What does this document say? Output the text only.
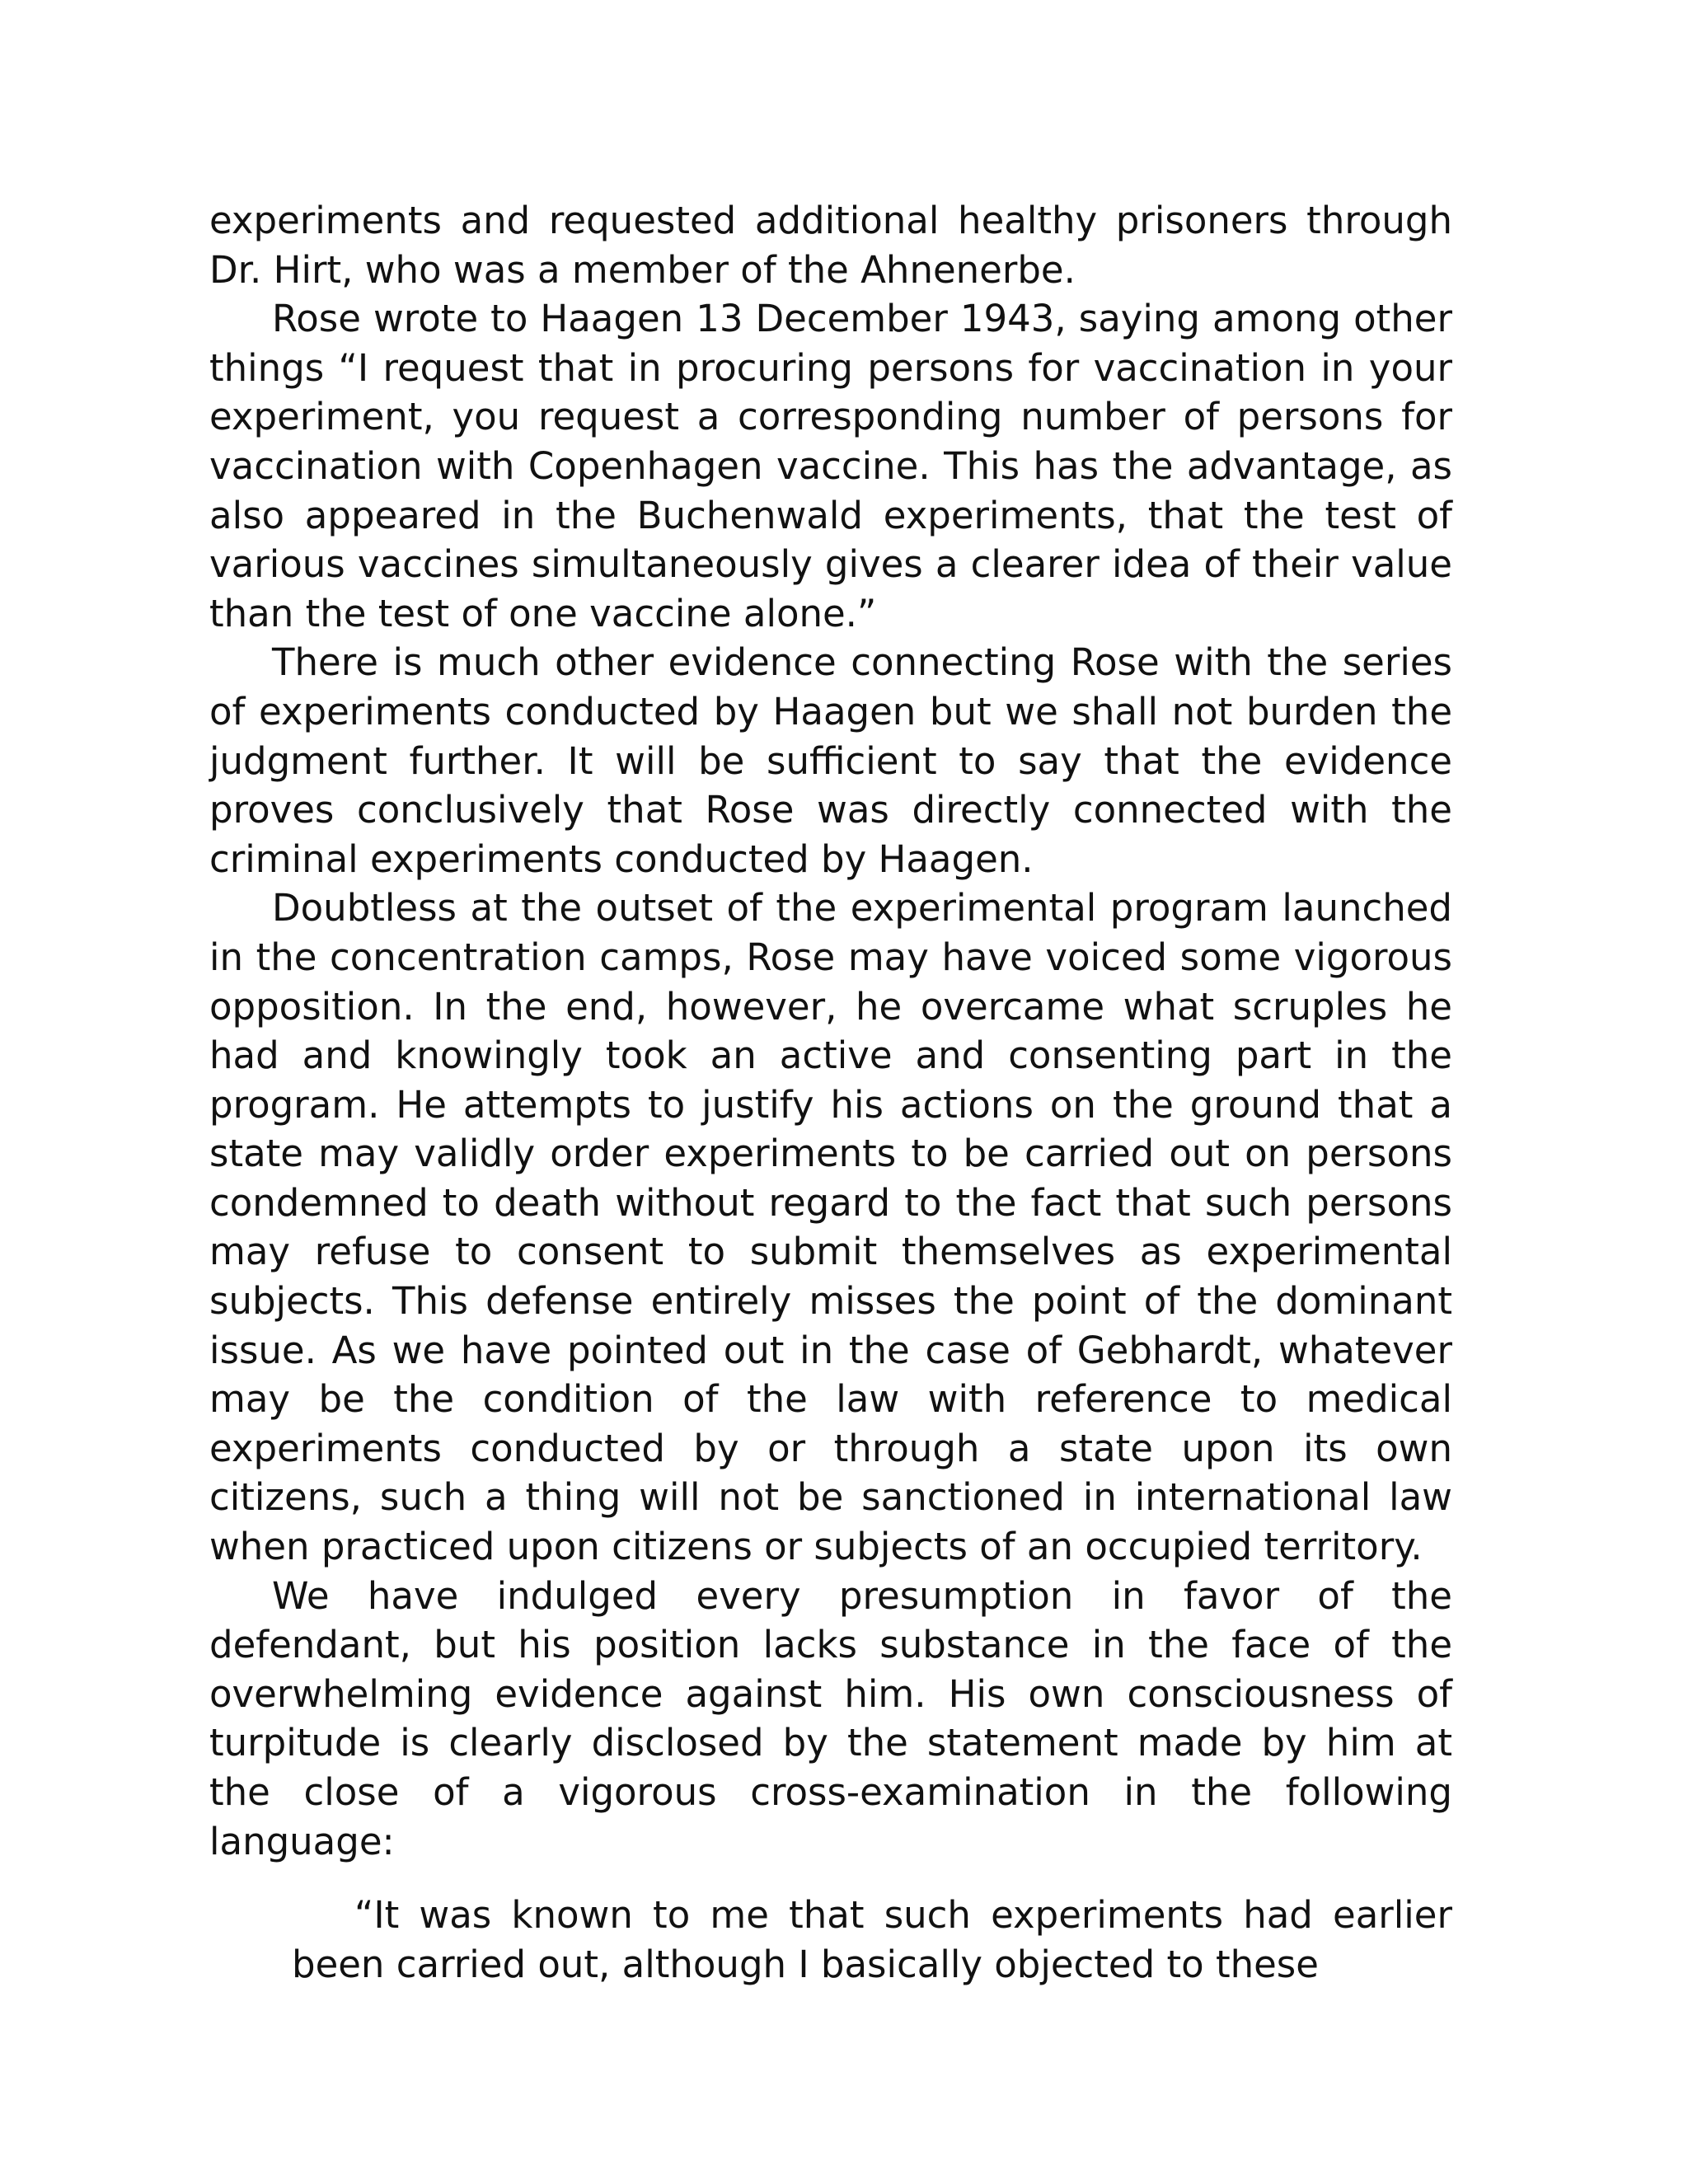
experiments and requested additional healthy prisoners through Dr. Hirt, who was a member of the Ahnenerbe.

Rose wrote to Haagen 13 December 1943, saying among other things “I request that in procuring persons for vaccination in your experiment, you request a corresponding number of persons for vaccination with Copenhagen vaccine. This has the advantage, as also appeared in the Buchenwald experiments, that the test of various vaccines simultaneously gives a clearer idea of their value than the test of one vaccine alone.”

There is much other evidence connecting Rose with the series of experiments conducted by Haagen but we shall not burden the judgment further. It will be sufficient to say that the evidence proves conclusively that Rose was directly connected with the criminal experiments conducted by Haagen.

Doubtless at the outset of the experimental program launched in the concentration camps, Rose may have voiced some vigorous opposition. In the end, however, he overcame what scruples he had and knowingly took an active and consenting part in the program. He attempts to justify his actions on the ground that a state may validly order experiments to be carried out on persons condemned to death without regard to the fact that such persons may refuse to consent to submit themselves as experimental subjects. This defense entirely misses the point of the dominant issue. As we have pointed out in the case of Gebhardt, whatever may be the condition of the law with reference to medical experiments conducted by or through a state upon its own citizens, such a thing will not be sanctioned in international law when practiced upon citizens or subjects of an occupied territory.

We have indulged every presumption in favor of the defendant, but his position lacks substance in the face of the overwhelming evidence against him. His own consciousness of turpitude is clearly disclosed by the statement made by him at the close of a vigorous cross-examination in the following language:

“It was known to me that such experiments had earlier been carried out, although I basically objected to these
